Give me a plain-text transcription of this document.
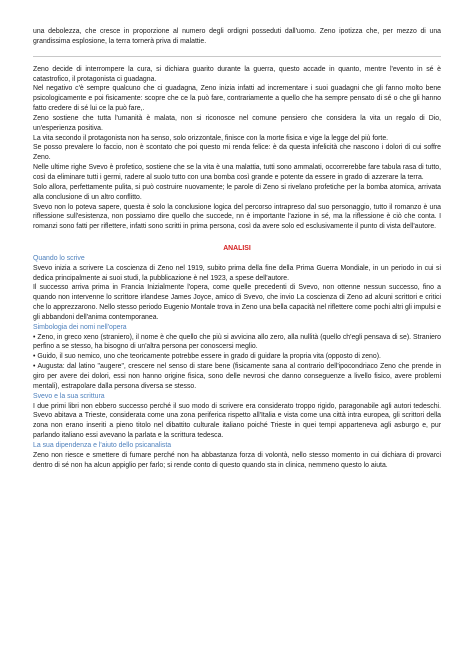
una debolezza, che cresce in proporzione al numero degli ordigni posseduti dall'uomo. Zeno ipotizza che, per mezzo di una grandissima esplosione, la terra tornerà priva di malattie.

Zeno decide di interrompere la cura, si dichiara guarito durante la guerra, questo accade in quanto, mentre l'evento in sé è catastrofico, il protagonista ci guadagna.

Nel negativo c'è sempre qualcuno che ci guadagna, Zeno inizia infatti ad incrementare i suoi guadagni che gli fanno molto bene psicologicamente e poi fisicamente: scopre che ce la può fare, contrariamente a quello che ha sempre pensato di sé o che gli hanno fatto credere di sé lui ce la può fare,.

Zeno sostiene che tutta l'umanità è malata, non si riconosce nel comune pensiero che considera la vita un regalo di Dio, un'esperienza positiva.

La vita secondo il protagonista non ha senso, solo orizzontale, finisce con la morte fisica e vige la legge del più forte.

Se posso prevalere lo faccio, non è scontato che poi questo mi renda felice: è da questa infelicità che nascono i dolori di cui soffre Zeno.

Nelle ultime righe Svevo è profetico, sostiene che se la vita è una malattia, tutti sono ammalati, occorrerebbe fare tabula rasa di tutto, così da eliminare tutti i germi, radere al suolo tutto con una bomba così grande e potente da essere in grado di azzerare la terra.

Solo allora, perfettamente pulita, si può costruire nuovamente; le parole di Zeno si rivelano profetiche per la bomba atomica, arrivata alla conclusione di un altro conflitto.

Svevo non lo poteva sapere, questa è solo la conclusione logica del percorso intrapreso dal suo personaggio, tutto il romanzo è una riflessione sull'esistenza, non possiamo dire quello che succede, nn è importante l'azione in sé, ma la riflessione è ciò che conta. I romanzi sono fatti per riflettere, infatti sono scritti in prima persona, così da avere solo ed esclusivamente il punto di vista dell'autore.

ANALISI

Quando lo scrive

Svevo inizia a scrivere La coscienza di Zeno nel 1919, subito prima della fine della Prima Guerra Mondiale, in un periodo in cui si dedica principalmente ai suoi studi, la pubblicazione è nel 1923, a spese dell'autore.

Il successo arriva prima in Francia Inizialmente l'opera, come quelle precedenti di Svevo, non ottenne nessun successo, fino a quando non intervenne lo scrittore irlandese James Joyce, amico di Svevo, che invio La coscienza di Zeno ad alcuni scrittori e critici che lo apprezzarono. Nello stesso periodo Eugenio Montale trova in Zeno una bella capacità nel riflettere come pochi altri gli impulsi e gli abbandoni dell'anima contemporanea.

Simbologia dei nomi nell'opera

• Zeno, in greco xeno (straniero), il nome è che quello che più si avvicina allo zero, alla nullità (quello ch'egli pensava di se). Straniero perfino a se stesso, ha bisogno di un'altra persona per conoscersi meglio.

• Guido, il suo nemico, uno che teoricamente potrebbe essere in grado di guidare la propria vita (opposto di zeno).

• Augusta: dal latino "augere", crescere nel senso di stare bene (fisicamente sana al contrario dell'ipocondriaco Zeno che prende in giro per avere dei dolori, essi non hanno origine fisica, sono delle nevrosi che danno conseguenze a livello fisico, avere problemi mentali), estrapolare dalla persona diversa se stesso.

Svevo e la sua scrittura

I due primi libri non ebbero successo perché il suo modo di scrivere era considerato troppo rigido, paragonabile agli autori tedeschi. Svevo abitava a Trieste, considerata come una zona periferica rispetto all'Italia e vista come una città intra europea, gli scrittori della zona non erano inseriti a pieno titolo nel dibattito culturale italiano poiché Trieste in quei tempi apparteneva agli asburgo e, pur parlando italiano essi avevano la parlata e la scrittura tedesca.

La sua dipendenza e l'aiuto dello psicanalista

Zeno non riesce e smettere di fumare perché non ha abbastanza forza di volontà, nello stesso momento in cui dichiara di provarci dentro di sé non ha alcun appiglio per farlo; si rende conto di questo quando sta in clinica, nemmeno questo lo aiuta.
